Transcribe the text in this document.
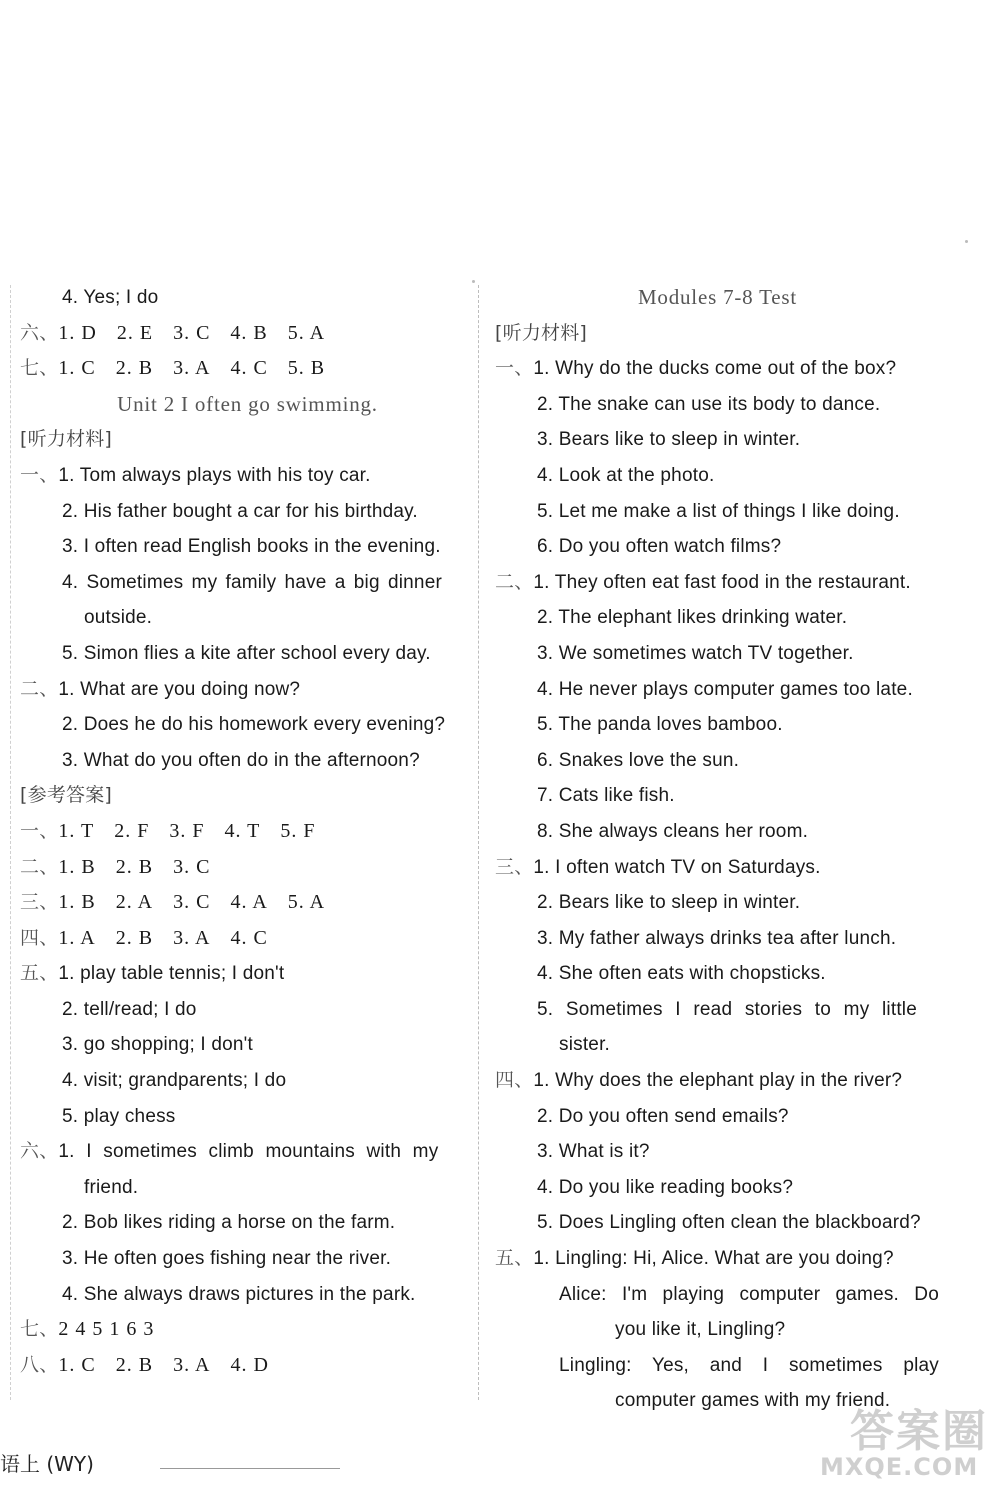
4. Yes; I do
六、1. D 2. E 3. C 4. B 5. A
七、1. C 2. B 3. A 4. C 5. B
Unit 2 I often go swimming.
[听力材料]
一、1. Tom always plays with his toy car.
2. His father bought a car for his birthday.
3. I often read English books in the evening.
4. Sometimes my family have a big dinner
outside.
5. Simon flies a kite after school every day.
二、1. What are you doing now?
2. Does he do his homework every evening?
3. What do you often do in the afternoon?
[参考答案]
一、1. T 2. F 3. F 4. T 5. F
二、1. B 2. B 3. C
三、1. B 2. A 3. C 4. A 5. A
四、1. A 2. B 3. A 4. C
五、1. play table tennis; I don't
2. tell/read; I do
3. go shopping; I don't
4. visit; grandparents; I do
5. play chess
六、1. I sometimes climb mountains with my
friend.
2. Bob likes riding a horse on the farm.
3. He often goes fishing near the river.
4. She always draws pictures in the park.
七、2 4 5 1 6 3
八、1. C 2. B 3. A 4. D
Modules 7-8 Test
[听力材料]
一、1. Why do the ducks come out of the box?
2. The snake can use its body to dance.
3. Bears like to sleep in winter.
4. Look at the photo.
5. Let me make a list of things I like doing.
6. Do you often watch films?
二、1. They often eat fast food in the restaurant.
2. The elephant likes drinking water.
3. We sometimes watch TV together.
4. He never plays computer games too late.
5. The panda loves bamboo.
6. Snakes love the sun.
7. Cats like fish.
8. She always cleans her room.
三、1. I often watch TV on Saturdays.
2. Bears like to sleep in winter.
3. My father always drinks tea after lunch.
4. She often eats with chopsticks.
5. Sometimes I read stories to my little
sister.
四、1. Why does the elephant play in the river?
2. Do you often send emails?
3. What is it?
4. Do you like reading books?
5. Does Lingling often clean the blackboard?
五、1. Lingling: Hi, Alice. What are you doing?
Alice: I'm playing computer games. Do
you like it, Lingling?
Lingling: Yes, and I sometimes play
computer games with my friend.
语上 (WY)
答案圈
MXQE.COM
